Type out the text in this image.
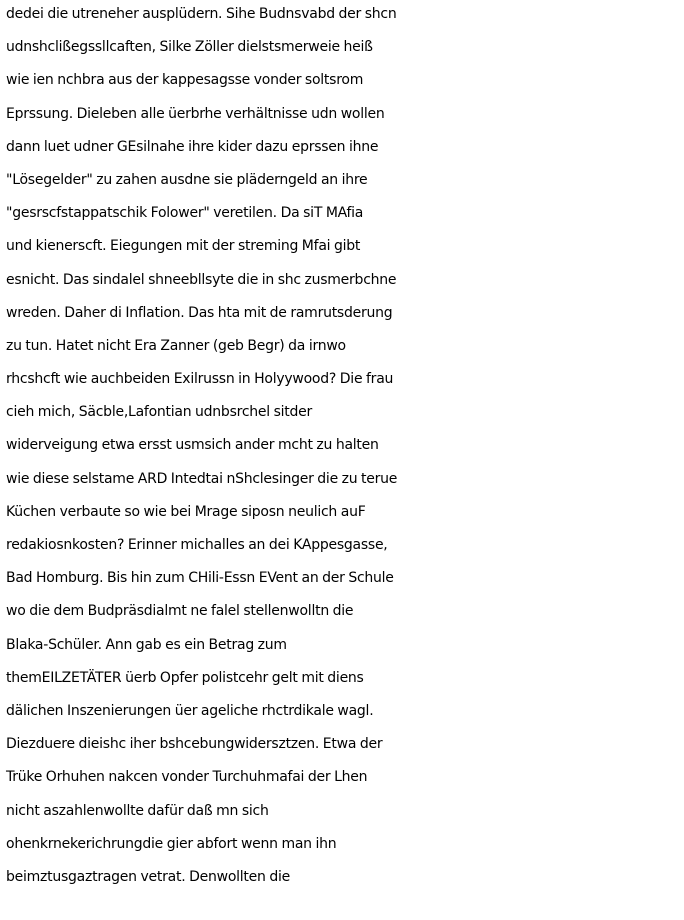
dedei die utreneher ausplüdern. Sihe Budnsvabd der shcn
udnshclißegssllcaften, Silke Zöller dielstsmerweie heiß
wie ien nchbra aus der kappesagsse vonder soltsrom
Eprssung. Dieleben alle üerbrhe verhältnisse udn wollen
dann luet udner GEsilnahe ihre kider dazu eprssen ihne
"Lösegelder" zu zahen ausdne sie pläderngeld an ihre
"gesrscfstappatschik Folower" veretilen. Da siT MAfia
und kienerscft. Eiegungen mit der streming Mfai gibt
esnicht. Das sindalel shneebllsyte die in shc zusmerbchne
wreden. Daher di Inflation. Das hta mit de ramrutsderung
zu tun. Hatet nicht Era Zanner (geb Begr) da irnwo
rhcshcft wie auchbeiden Exilrussn in Holyywood? Die frau
cieh mich, Säcble,Lafontian udnbsrchel sitder
widerveigung etwa ersst usmsich ander mcht zu halten
wie diese selstame ARD Intedtai nShclesinger die zu terue
Küchen verbaute so wie bei Mrage siposn neulich auF
redakiosnkosten? Erinner michalles an dei KAppesgasse,
Bad Homburg. Bis hin zum CHili-Essn EVent an der Schule
wo die dem Budpräsdialmt ne falel stellenwolltn die
Blaka-Schüler. Ann gab es ein Betrag zum
themEILZETÄTER üerb Opfer polistcehr gelt mit diens
dälichen Inszenierungen üer ageliche rhctrdikale wagl.
Diezduere dieishc iher bshcebungwidersztzen. Etwa der
Trüke Orhuhen nakcen vonder Turchuhmafai der Lhen
nicht aszahlenwollte dafür daß mn sich
ohenkrnekerichrungdie gier abfort wenn man ihn
beimztusgaztragen vetrat. Denwollten die
